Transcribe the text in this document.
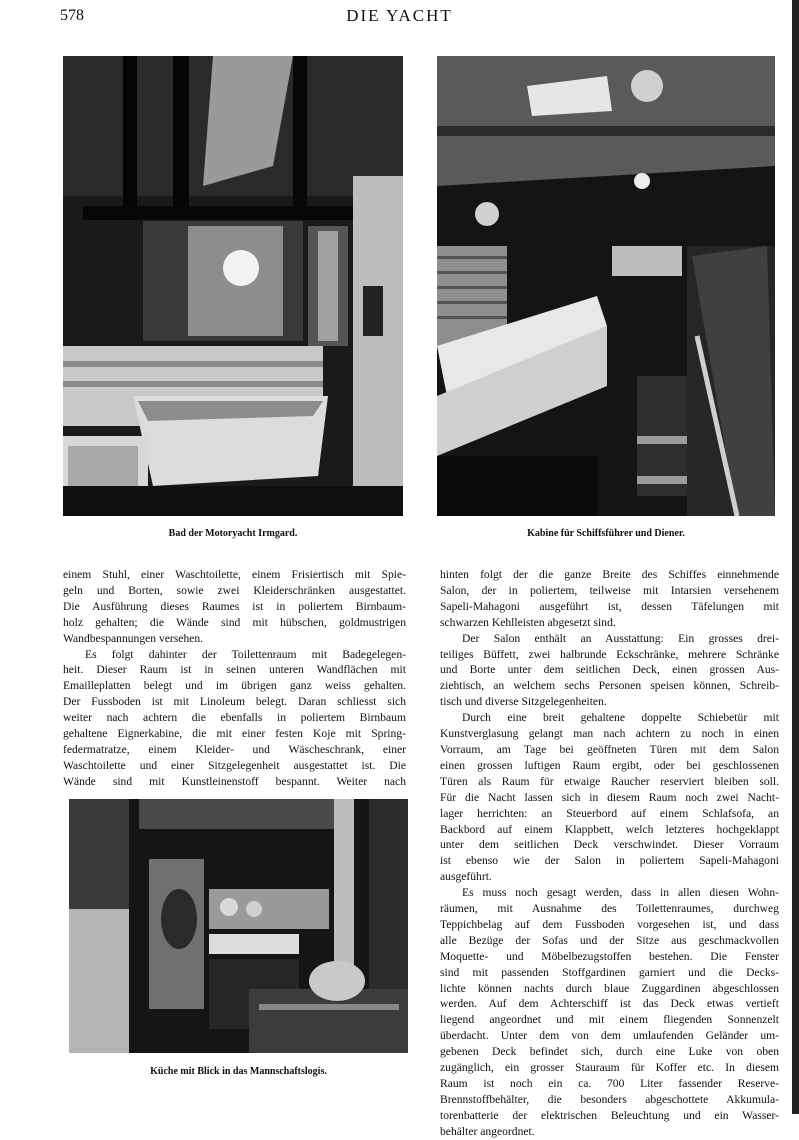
578	DIE YACHT
Bad der Motoryacht Irmgard.	Kabine für Schiffsführer und Diener.

einem Stuhl, einer Waschtoilette, einem Frisiertisch mit Spie-
geln und Borten, sowie zwei Kleiderschränken ausgestattet.
Die Ausführung dieses Raumes ist in poliertem Birnbaum-
holz gehalten; die Wände sind mit hübschen, goldmustrigen
Wandbespannungen versehen.

Es folgt dahinter der Toilettenraum mit Badegelegen-
heit. Dieser Raum ist in seinen unteren Wandflächen mit
Emailleplatten belegt und im übrigen ganz weiss gehalten.
Der Fussboden ist mit Linoleum belegt. Daran schliesst sich
weiter nach achtern die ebenfalls in poliertem Birnbaum
gehaltene Eignerkabine, die mit einer festen Koje mit Spring-
federmatratze, einem Kleider- und Wäscheschrank, einer
Waschtoilette und einer Sitzgelegenheit ausgestattet ist. Die
Wände sind mit Kunstleinenstoff bespannt. Weiter nach

Küche mit Blick in das Mannschaftslogis.

hinten folgt der die ganze Breite des Schiffes einnehmende
Salon, der in poliertem, teilweise mit Intarsien versehenem
Sapeli-Mahagoni ausgeführt ist, dessen Täfelungen mit
schwarzen Kehlleisten abgesetzt sind.

Der Salon enthält an Ausstattung: Ein grosses drei-
teiliges Büffett, zwei halbrunde Eckschränke, mehrere Schränke
und Borte unter dem seitlichen Deck, einen grossen Aus-
ziehtisch, an welchem sechs Personen speisen können, Schreib-
tisch und diverse Sitzgelegenheiten.

Durch eine breit gehaltene doppelte Schiebetür mit
Kunstverglasung gelangt man nach achtern zu noch in einen
Vorraum, am Tage bei geöffneten Türen mit dem Salon
einen grossen luftigen Raum ergibt, oder bei geschlossenen
Türen als Raum für etwaige Raucher reserviert bleiben soll.
Für die Nacht lassen sich in diesem Raum noch zwei Nacht-
lager herrichten: an Steuerbord auf einem Schlafsofa, an
Backbord auf einem Klappbett, welch letzteres hochgeklappt
unter dem seitlichen Deck verschwindet. Dieser Vorraum
ist ebenso wie der Salon in poliertem Sapeli-Mahagoni
ausgeführt.

Es muss noch gesagt werden, dass in allen diesen Wohn-
räumen, mit Ausnahme des Toilettenraumes, durchweg
Teppichbelag auf dem Fussboden vorgesehen ist, und dass
alle Bezüge der Sofas und der Sitze aus geschmackvollen
Moquette- und Möbelbezugstoffen bestehen. Die Fenster
sind mit passenden Stoffgardinen garniert und die Decks-
lichte können nachts durch blaue Zuggardinen abgeschlossen
werden. Auf dem Achterschiff ist das Deck etwas vertieft
liegend angeordnet und mit einem fliegenden Sonnenzelt
überdacht. Unter dem von dem umlaufenden Geländer um-
gebenen Deck befindet sich, durch eine Luke von oben
zugänglich, ein grosser Stauraum für Koffer etc. In diesem
Raum ist noch ein ca. 700 Liter fassender Reserve-
Brennstoffbehälter, die besonders abgeschottete Akkumula-
torenbatterie der elektrischen Beleuchtung und ein Wasser-
behälter angeordnet.
